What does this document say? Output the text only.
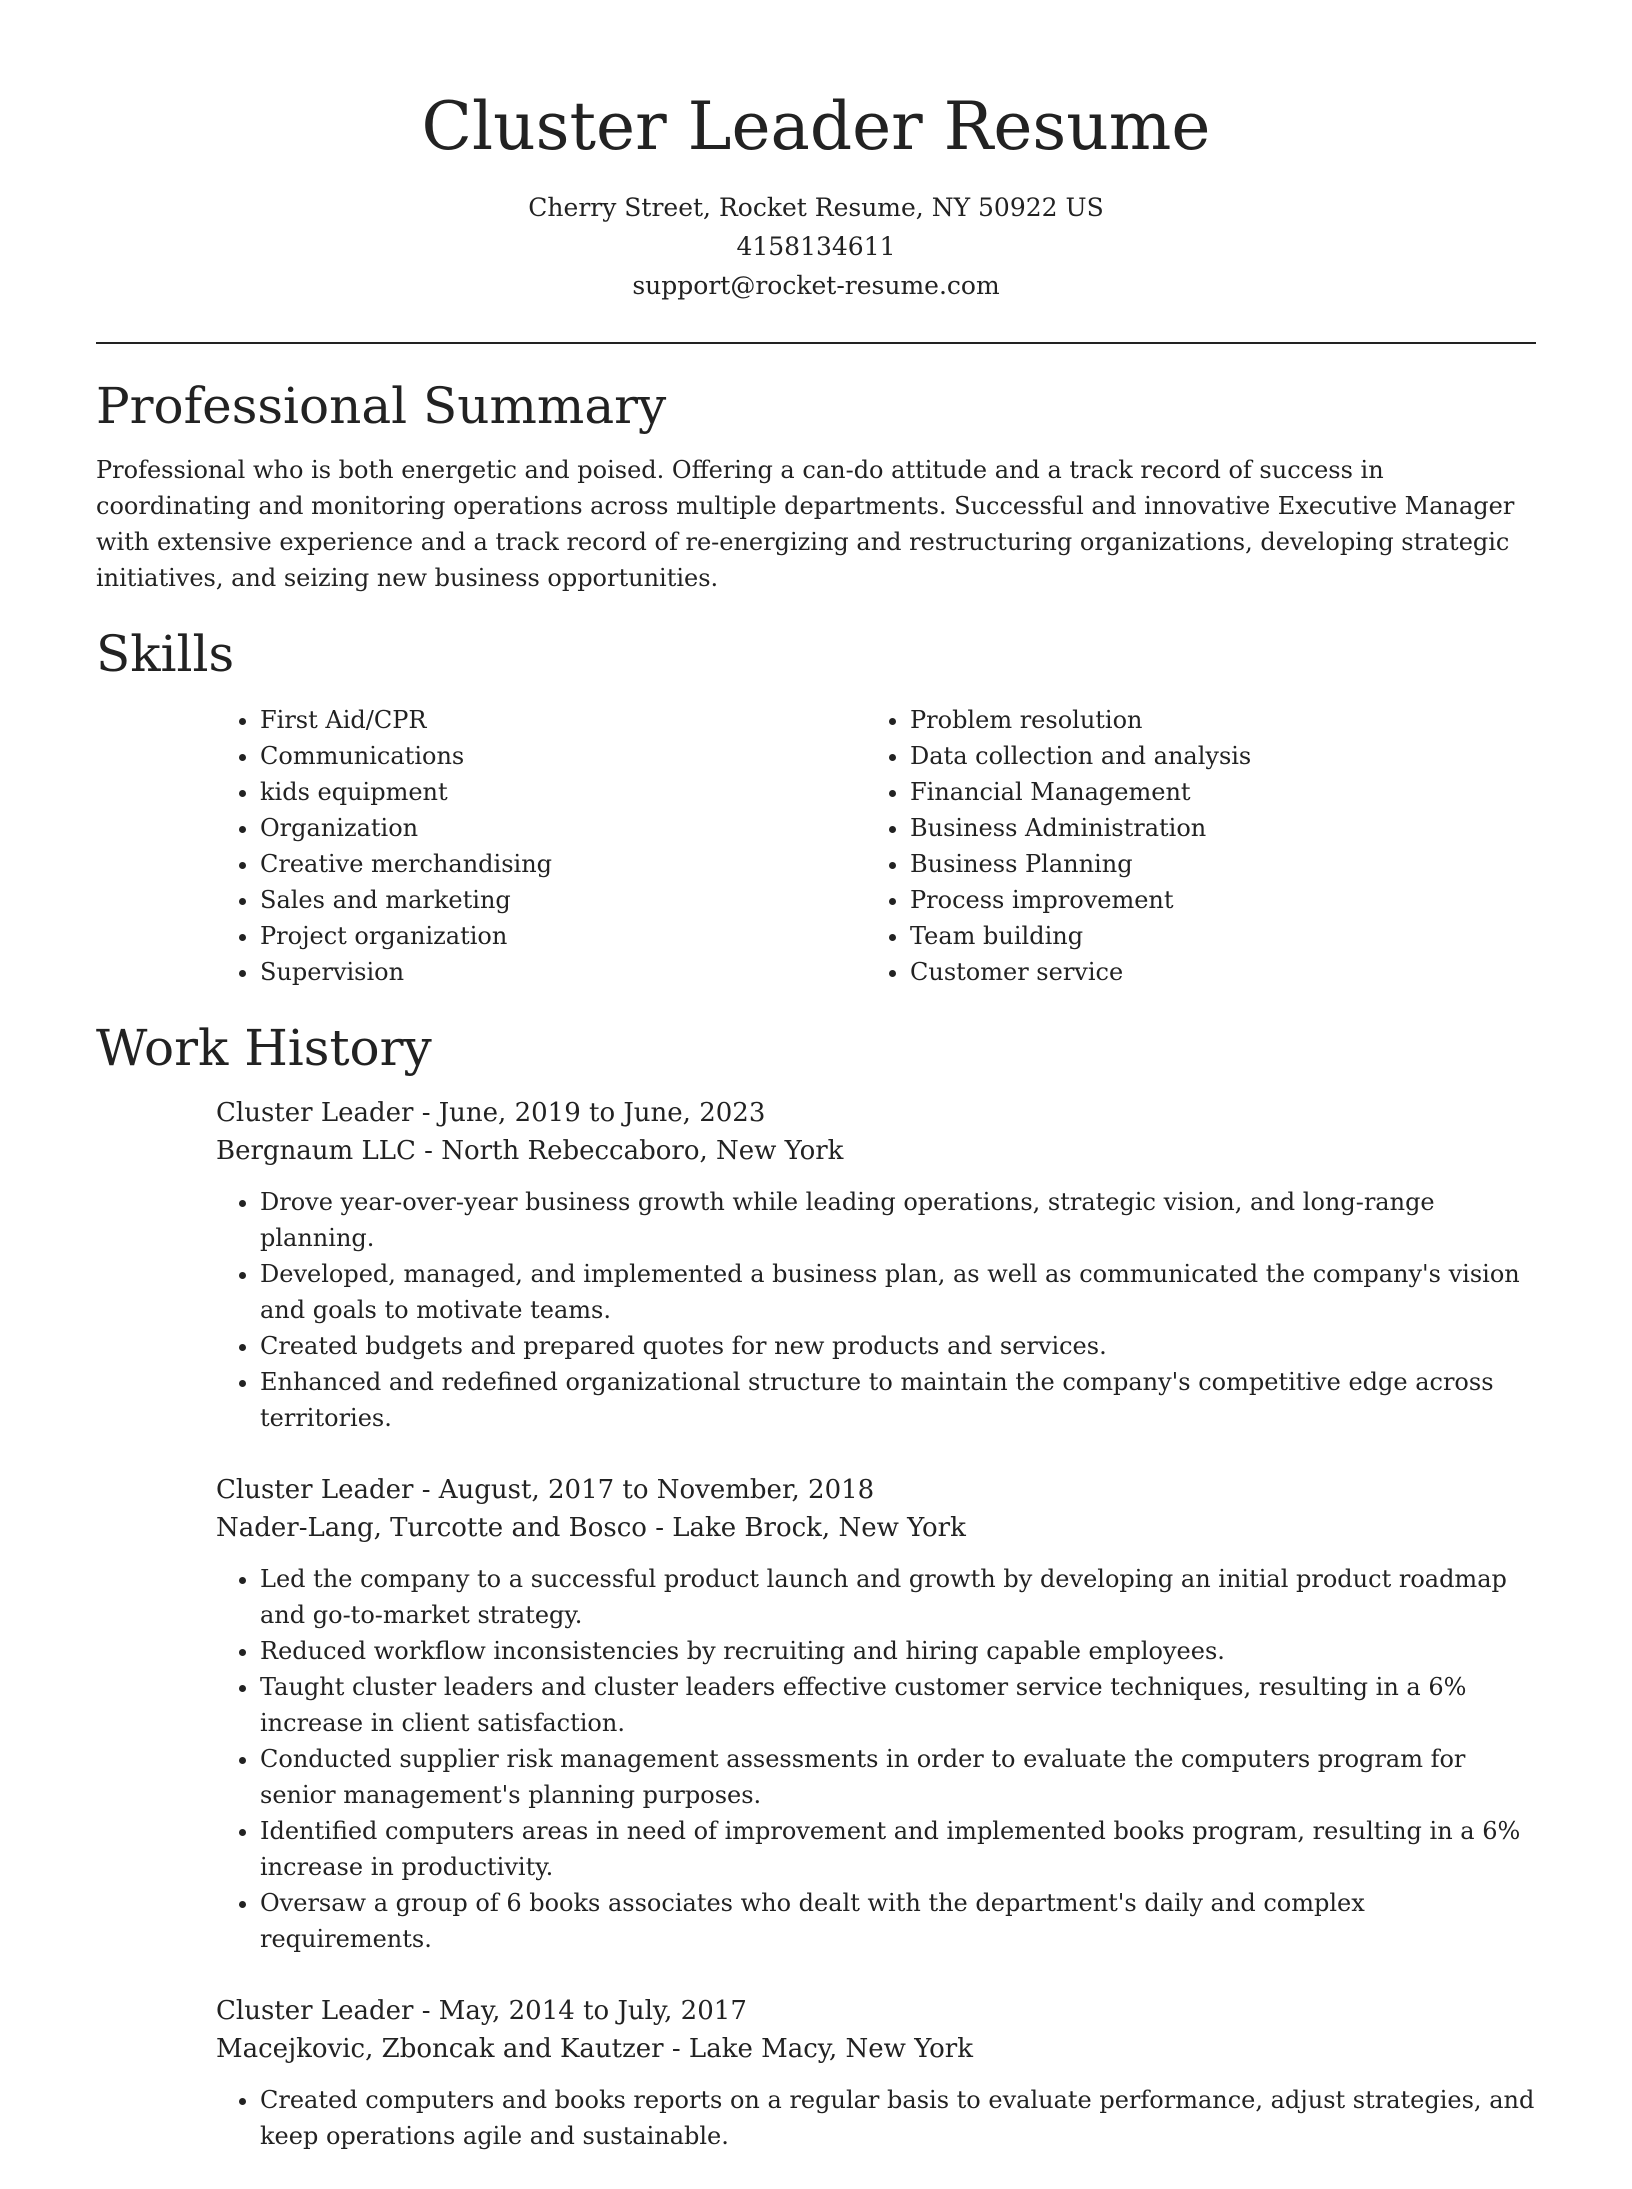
Cluster Leader Resume
Cherry Street, Rocket Resume, NY 50922 US
4158134611
support@rocket-resume.com
Professional Summary

Professional who is both energetic and poised. Offering a can-do attitude and a track record of success in coordinating and monitoring operations across multiple departments. Successful and innovative Executive Manager with extensive experience and a track record of re-energizing and restructuring organizations, developing strategic initiatives, and seizing new business opportunities.

Skills
• First Aid/CPR
• Communications
• kids equipment
• Organization
• Creative merchandising
• Sales and marketing
• Project organization
• Supervision
• Problem resolution
• Data collection and analysis
• Financial Management
• Business Administration
• Business Planning
• Process improvement
• Team building
• Customer service
Work History
Cluster Leader - June, 2019 to June, 2023
Bergnaum LLC - North Rebeccaboro, New York
• Drove year-over-year business growth while leading operations, strategic vision, and long-range planning.
• Developed, managed, and implemented a business plan, as well as communicated the company's vision and goals to motivate teams.
• Created budgets and prepared quotes for new products and services.
• Enhanced and redefined organizational structure to maintain the company's competitive edge across territories.
Cluster Leader - August, 2017 to November, 2018
Nader-Lang, Turcotte and Bosco - Lake Brock, New York
• Led the company to a successful product launch and growth by developing an initial product roadmap and go-to-market strategy.
• Reduced workflow inconsistencies by recruiting and hiring capable employees.
• Taught cluster leaders and cluster leaders effective customer service techniques, resulting in a 6% increase in client satisfaction.
• Conducted supplier risk management assessments in order to evaluate the computers program for senior management's planning purposes.
• Identified computers areas in need of improvement and implemented books program, resulting in a 6% increase in productivity.
• Oversaw a group of 6 books associates who dealt with the department's daily and complex requirements.
Cluster Leader - May, 2014 to July, 2017
Macejkovic, Zboncak and Kautzer - Lake Macy, New York
• Created computers and books reports on a regular basis to evaluate performance, adjust strategies, and keep operations agile and sustainable.
